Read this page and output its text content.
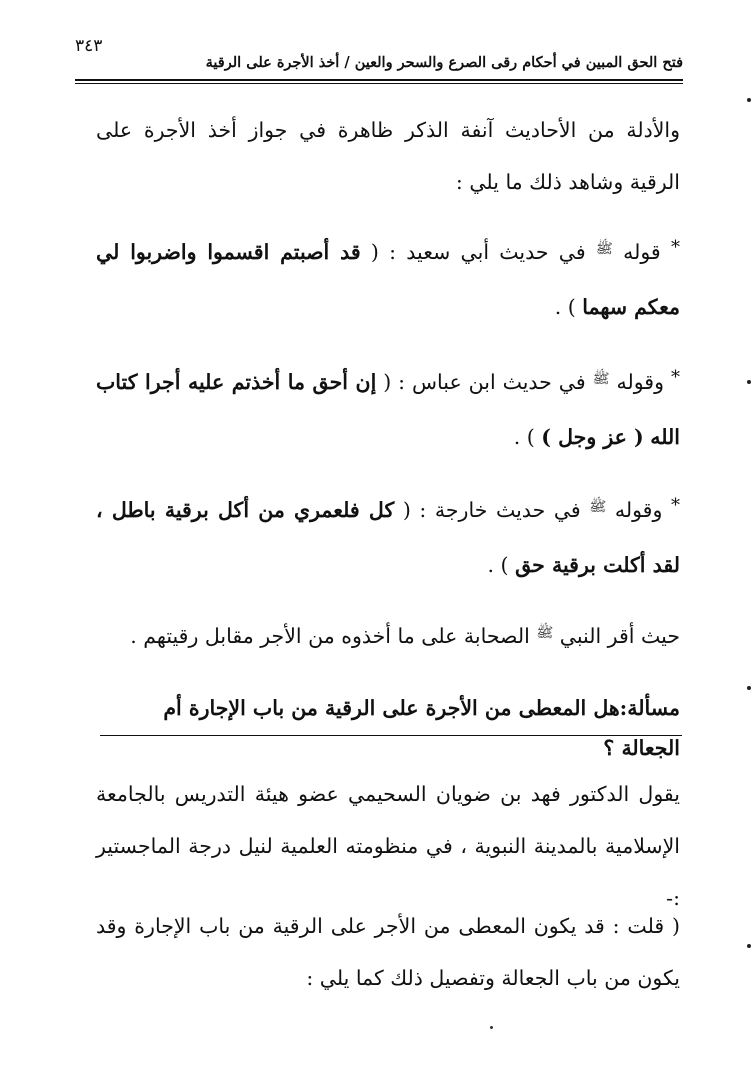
٣٤٣
فتح الحق المبين في أحكام رقى الصرع والسحر والعين / أخذ الأجرة على الرقية

والأدلة من الأحاديث آنفة الذكر ظاهرة في جواز أخذ الأجرة على الرقية وشاهد ذلك ما يلي :

* قوله $^ﷺ$ في حديث أبي سعيد : ( قد أصبتم اقسموا واضربوا لي معكم سهما ) .

* وقوله $^ﷺ$ في حديث ابن عباس : ( إن أحق ما أخذتم عليه أجرا كتاب الله ( عز وجل ) ) .

* وقوله $^ﷺ$ في حديث خارجة : ( كل فلعمري من أكل برقية باطل ، لقد أكلت برقية حق ) .

حيث أقر النبي $^ﷺ$ الصحابة على ما أخذوه من الأجر مقابل رقيتهم .

مسألة:هل المعطى من الأجرة على الرقية من باب الإجارة أم الجعالة ؟

يقول الدكتور فهد بن ضويان السحيمي عضو هيئة التدريس بالجامعة الإسلامية بالمدينة النبوية ، في منظومته العلمية لنيل درجة الماجستير :-

( قلت : قد يكون المعطى من الأجر على الرقية من باب الإجارة وقد يكون من باب الجعالة وتفصيل ذلك كما يلي :
